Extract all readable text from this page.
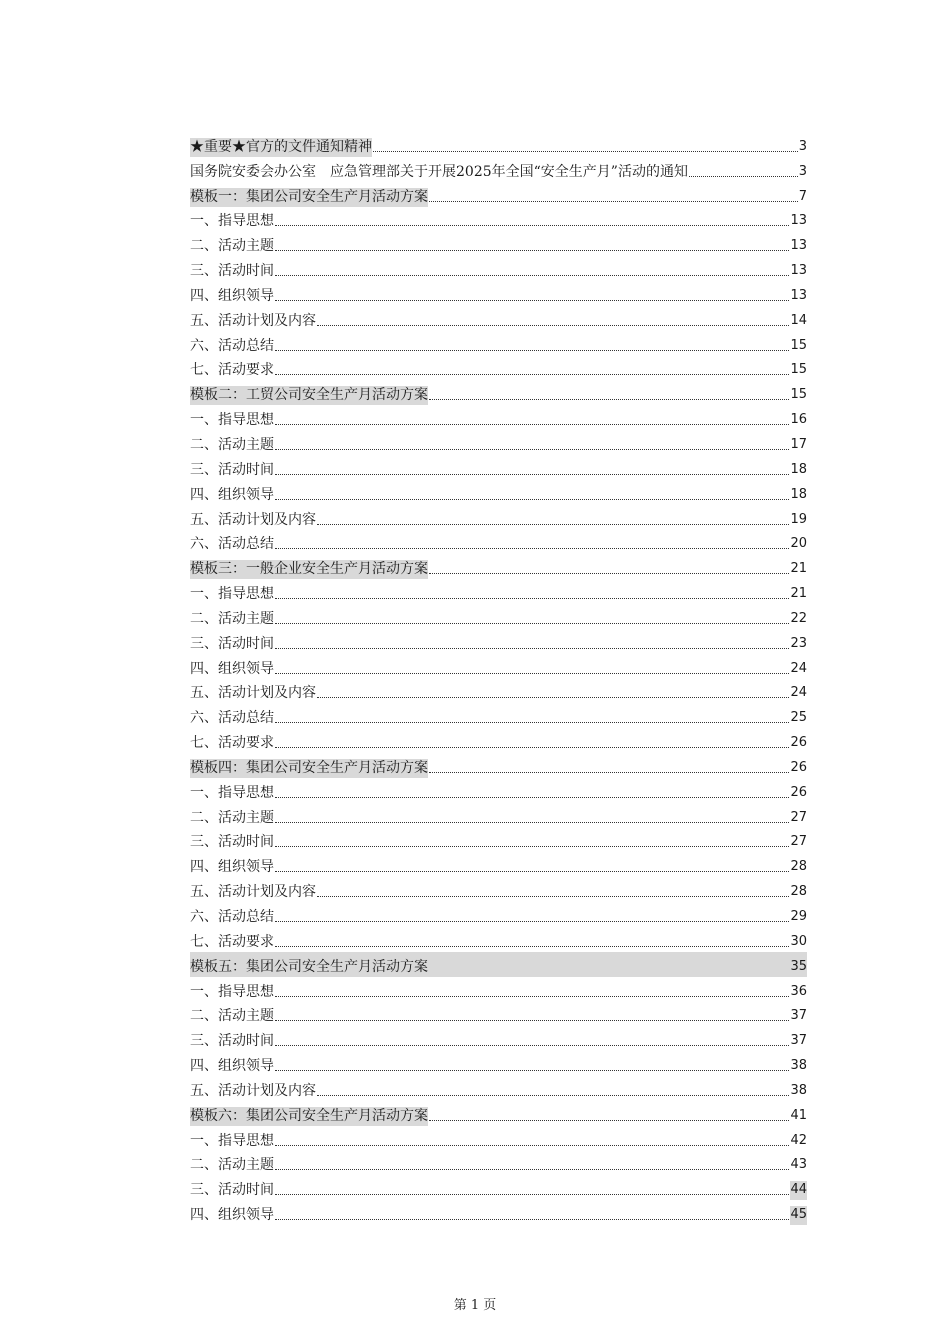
★重要★官方的文件通知精神	3
国务院安委会办公室　应急管理部关于开展2025年全国“安全生产月”活动的通知	3
模板一：集团公司安全生产月活动方案	7
一、指导思想	13
二、活动主题	13
三、活动时间	13
四、组织领导	13
五、活动计划及内容	14
六、活动总结	15
七、活动要求	15
模板二：工贸公司安全生产月活动方案	15
一、指导思想	16
二、活动主题	17
三、活动时间	18
四、组织领导	18
五、活动计划及内容	19
六、活动总结	20
模板三：一般企业安全生产月活动方案	21
一、指导思想	21
二、活动主题	22
三、活动时间	23
四、组织领导	24
五、活动计划及内容	24
六、活动总结	25
七、活动要求	26
模板四：集团公司安全生产月活动方案	26
一、指导思想	26
二、活动主题	27
三、活动时间	27
四、组织领导	28
五、活动计划及内容	28
六、活动总结	29
七、活动要求	30
模板五：集团公司安全生产月活动方案	35
一、指导思想	36
二、活动主题	37
三、活动时间	37
四、组织领导	38
五、活动计划及内容	38
模板六：集团公司安全生产月活动方案	41
一、指导思想	42
二、活动主题	43
三、活动时间	44
四、组织领导	45
第 1 页
